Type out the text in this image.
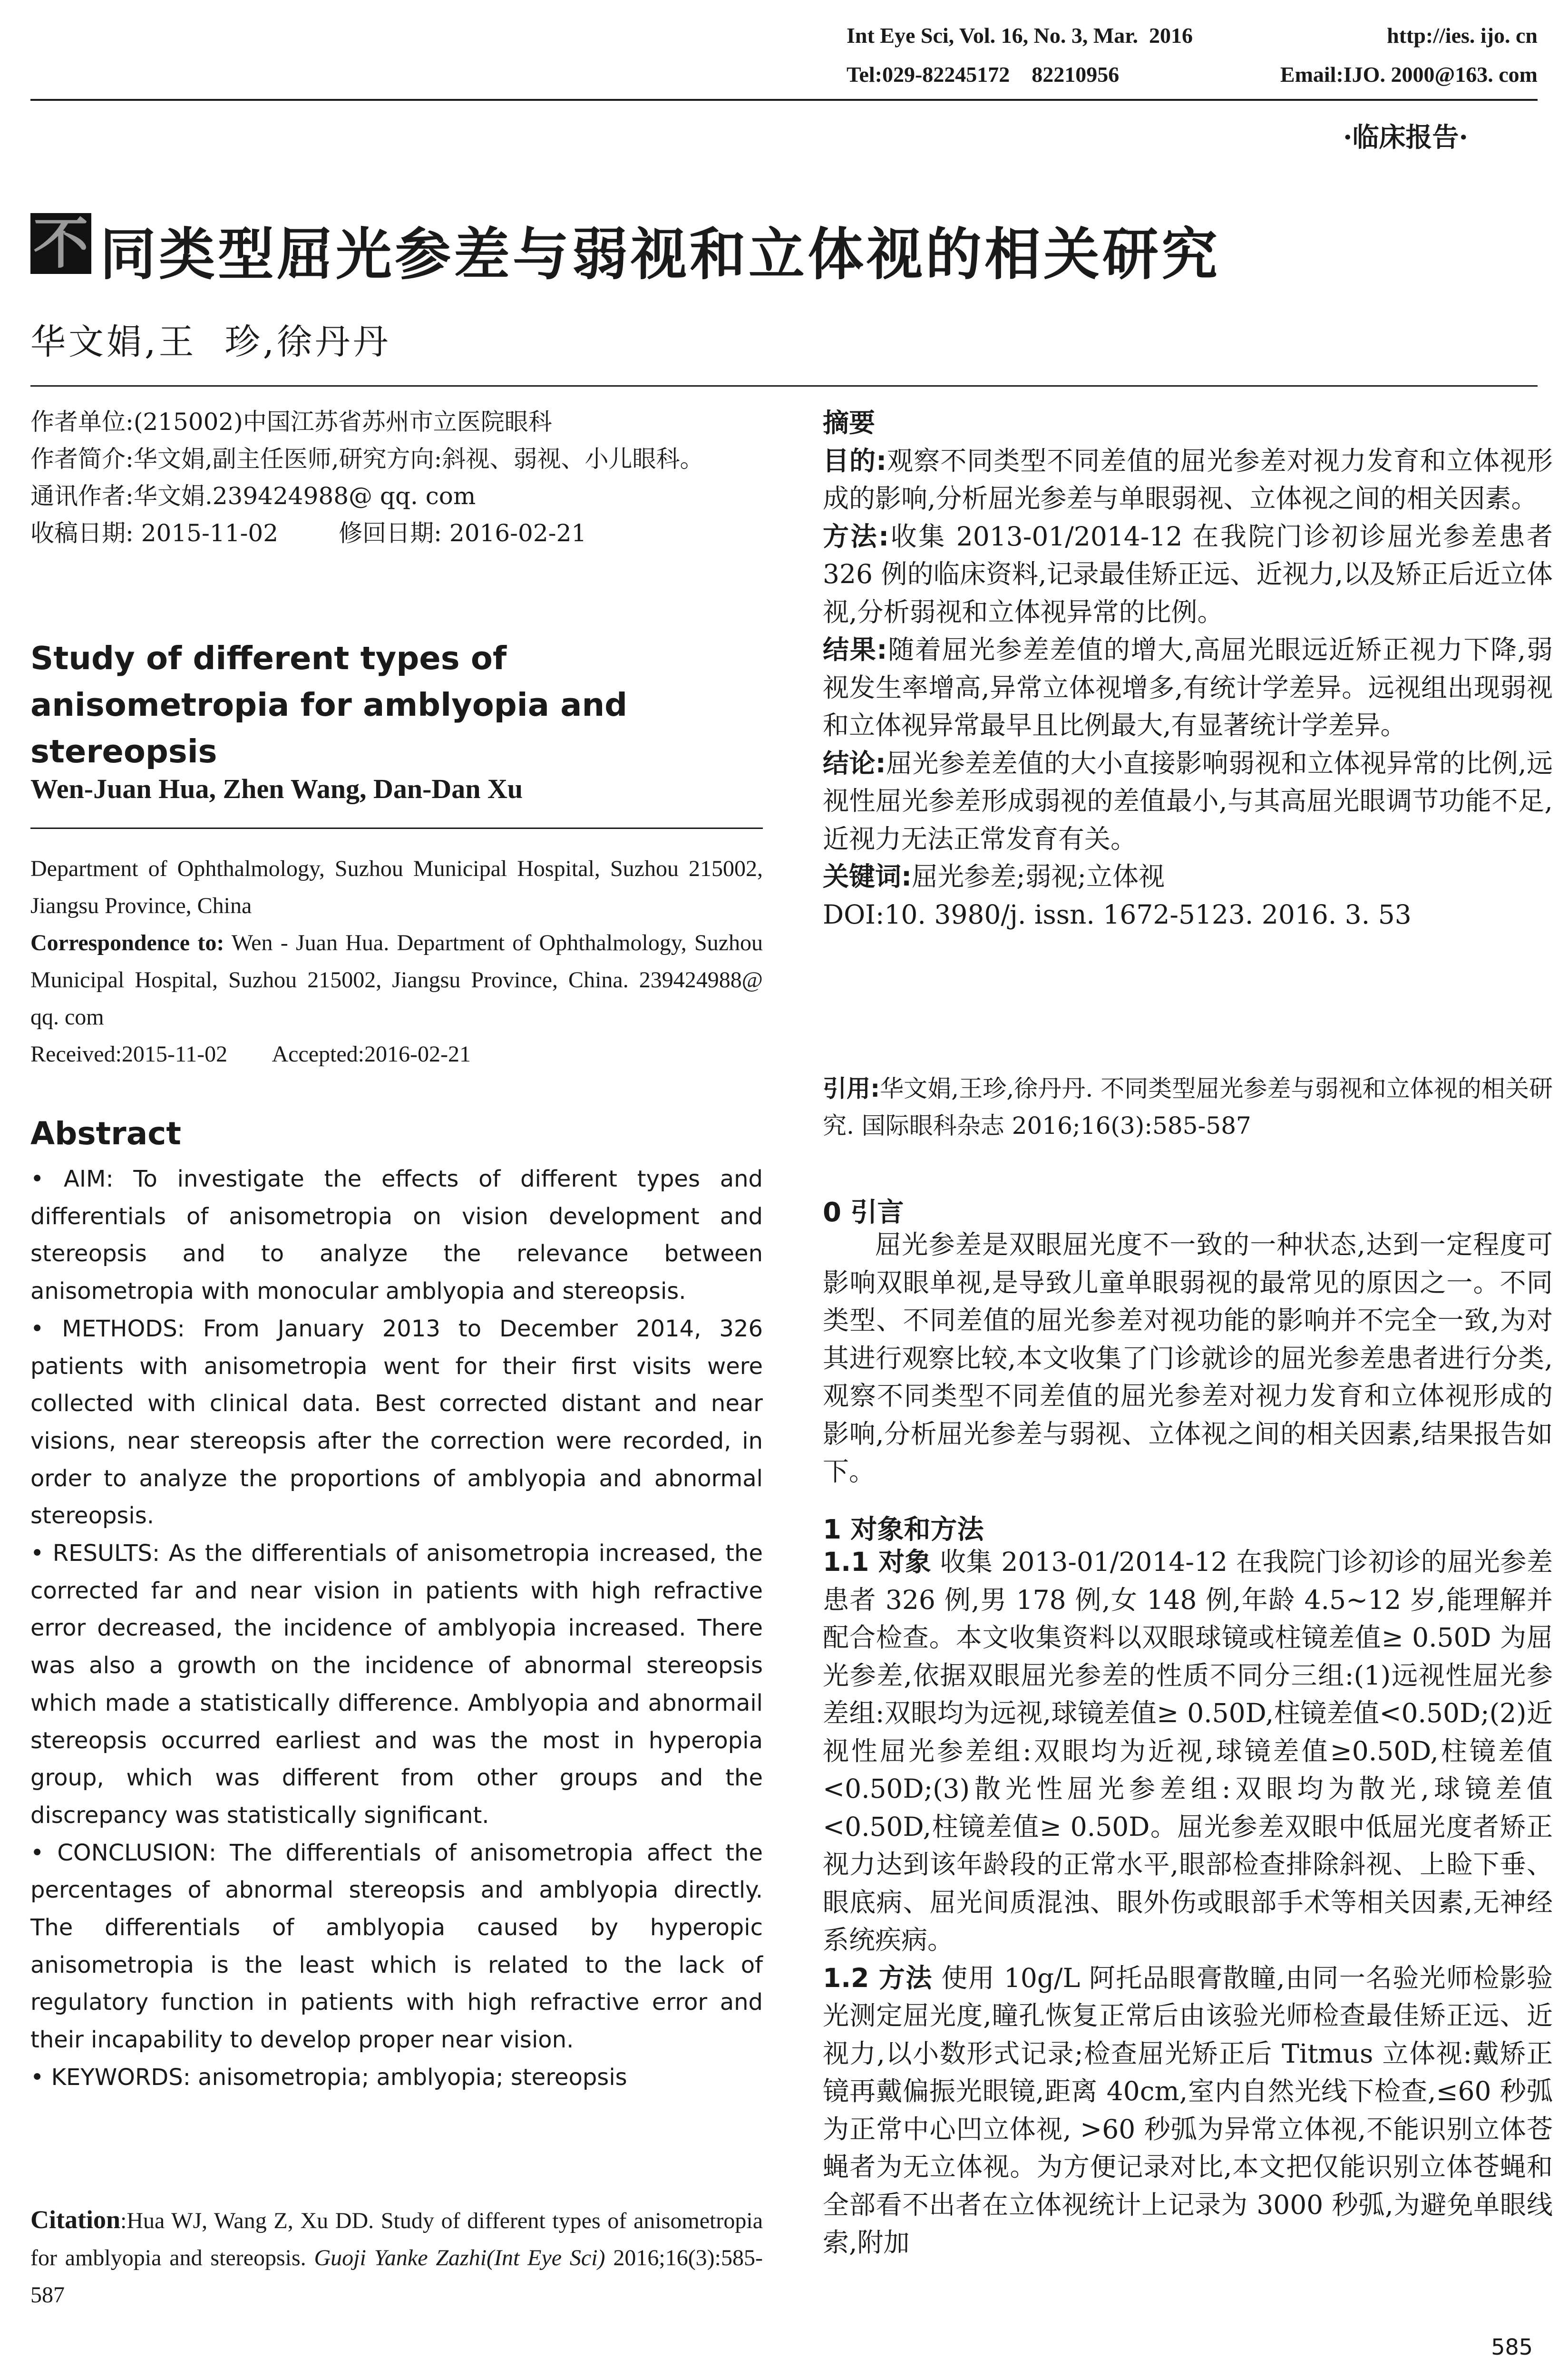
Int Eye Sci, Vol. 16, No. 3, Mar.  2016	http://ies. ijo. cn
Tel:029-82245172    82210956	Email:IJO. 2000@163. com
·临床报告·
不 同类型屈光参差与弱视和立体视的相关研究
华文娟,王  珍,徐丹丹

作者单位:(215002)中国江苏省苏州市立医院眼科

作者简介:华文娟,副主任医师,研究方向:斜视、弱视、小儿眼科。

通讯作者:华文娟.239424988@ qq. com

收稿日期: 2015-11-02        修回日期: 2016-02-21

Study of different types of anisometropia for amblyopia and stereopsis
Wen-Juan Hua, Zhen Wang, Dan-Dan Xu

Department of Ophthalmology, Suzhou Municipal Hospital, Suzhou 215002, Jiangsu Province, China

Correspondence to: Wen - Juan Hua. Department of Ophthalmology, Suzhou Municipal Hospital, Suzhou 215002, Jiangsu Province, China. 239424988@ qq. com

Received:2015-11-02        Accepted:2016-02-21

Abstract

• AIM: To investigate the effects of different types and differentials of anisometropia on vision development and stereopsis and to analyze the relevance between anisometropia with monocular amblyopia and stereopsis.

• METHODS: From January 2013 to December 2014, 326 patients with anisometropia went for their first visits were collected with clinical data. Best corrected distant and near visions, near stereopsis after the correction were recorded, in order to analyze the proportions of amblyopia and abnormal stereopsis.

• RESULTS: As the differentials of anisometropia increased, the corrected far and near vision in patients with high refractive error decreased, the incidence of amblyopia increased. There was also a growth on the incidence of abnormal stereopsis which made a statistically difference. Amblyopia and abnormail stereopsis occurred earliest and was the most in hyperopia group, which was different from other groups and the discrepancy was statistically significant.

• CONCLUSION: The differentials of anisometropia affect the percentages of abnormal stereopsis and amblyopia directly. The differentials of amblyopia caused by hyperopic anisometropia is the least which is related to the lack of regulatory function in patients with high refractive error and their incapability to develop proper near vision.

• KEYWORDS: anisometropia; amblyopia; stereopsis

Citation:Hua WJ, Wang Z, Xu DD. Study of different types of anisometropia for amblyopia and stereopsis. Guoji Yanke Zazhi(Int Eye Sci) 2016;16(3):585-587

摘要

目的:观察不同类型不同差值的屈光参差对视力发育和立体视形成的影响,分析屈光参差与单眼弱视、立体视之间的相关因素。

方法:收集 2013-01/2014-12 在我院门诊初诊屈光参差患者 326 例的临床资料,记录最佳矫正远、近视力,以及矫正后近立体视,分析弱视和立体视异常的比例。

结果:随着屈光参差差值的增大,高屈光眼远近矫正视力下降,弱视发生率增高,异常立体视增多,有统计学差异。远视组出现弱视和立体视异常最早且比例最大,有显著统计学差异。

结论:屈光参差差值的大小直接影响弱视和立体视异常的比例,远视性屈光参差形成弱视的差值最小,与其高屈光眼调节功能不足,近视力无法正常发育有关。

关键词:屈光参差;弱视;立体视

DOI:10. 3980/j. issn. 1672-5123. 2016. 3. 53

引用:华文娟,王珍,徐丹丹. 不同类型屈光参差与弱视和立体视的相关研究. 国际眼科杂志 2016;16(3):585-587
0 引言

屈光参差是双眼屈光度不一致的一种状态,达到一定程度可影响双眼单视,是导致儿童单眼弱视的最常见的原因之一。不同类型、不同差值的屈光参差对视功能的影响并不完全一致,为对其进行观察比较,本文收集了门诊就诊的屈光参差患者进行分类,观察不同类型不同差值的屈光参差对视力发育和立体视形成的影响,分析屈光参差与弱视、立体视之间的相关因素,结果报告如下。

1 对象和方法

1.1 对象 收集 2013-01/2014-12 在我院门诊初诊的屈光参差患者 326 例,男 178 例,女 148 例,年龄 4.5~12 岁,能理解并配合检查。本文收集资料以双眼球镜或柱镜差值≥ 0.50D 为屈光参差,依据双眼屈光参差的性质不同分三组:(1)远视性屈光参差组:双眼均为远视,球镜差值≥ 0.50D,柱镜差值<0.50D;(2)近视性屈光参差组:双眼均为近视,球镜差值≥0.50D,柱镜差值<0.50D;(3)散光性屈光参差组:双眼均为散光,球镜差值<0.50D,柱镜差值≥ 0.50D。屈光参差双眼中低屈光度者矫正视力达到该年龄段的正常水平,眼部检查排除斜视、上睑下垂、眼底病、屈光间质混浊、眼外伤或眼部手术等相关因素,无神经系统疾病。

1.2 方法 使用 10g/L 阿托品眼膏散瞳,由同一名验光师检影验光测定屈光度,瞳孔恢复正常后由该验光师检查最佳矫正远、近视力,以小数形式记录;检查屈光矫正后 Titmus 立体视:戴矫正镜再戴偏振光眼镜,距离 40cm,室内自然光线下检查,≤60 秒弧为正常中心凹立体视, >60 秒弧为异常立体视,不能识别立体苍蝇者为无立体视。为方便记录对比,本文把仅能识别立体苍蝇和全部看不出者在立体视统计上记录为 3000 秒弧,为避免单眼线索,附加

585
